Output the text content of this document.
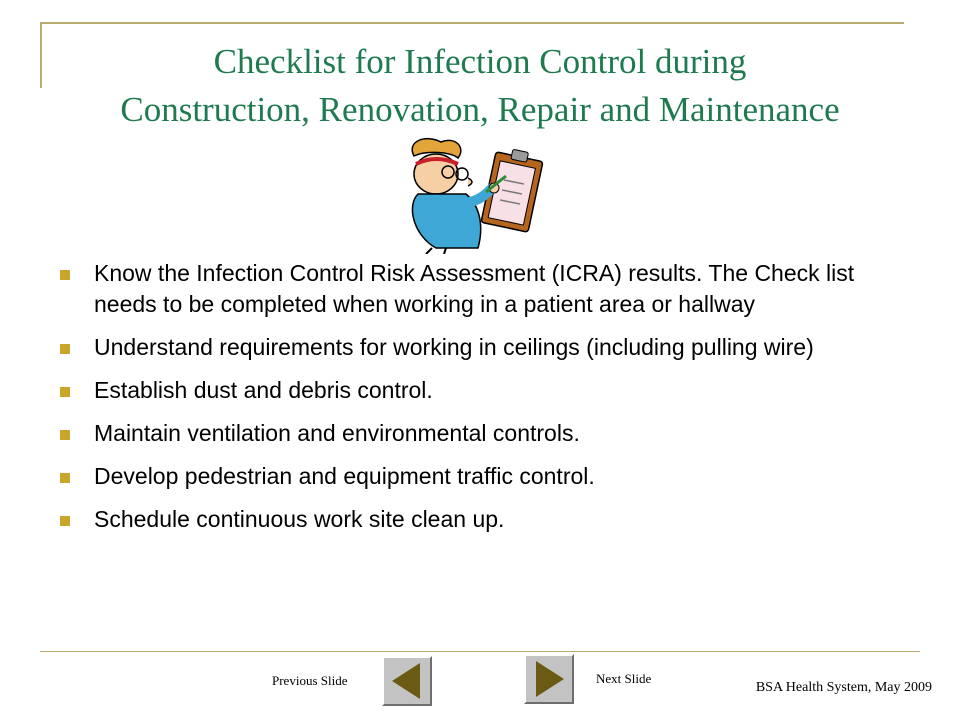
Checklist for Infection Control during
Construction, Renovation, Repair and Maintenance
Know the Infection Control Risk Assessment (ICRA) results. The Check list needs to be completed when working in a patient area or hallway
Understand requirements for working in ceilings (including pulling wire)
Establish dust and debris control.
Maintain ventilation and environmental controls.
Develop pedestrian and equipment traffic control.
Schedule continuous work site clean up.
Previous Slide	Next Slide
BSA Health System, May 2009
